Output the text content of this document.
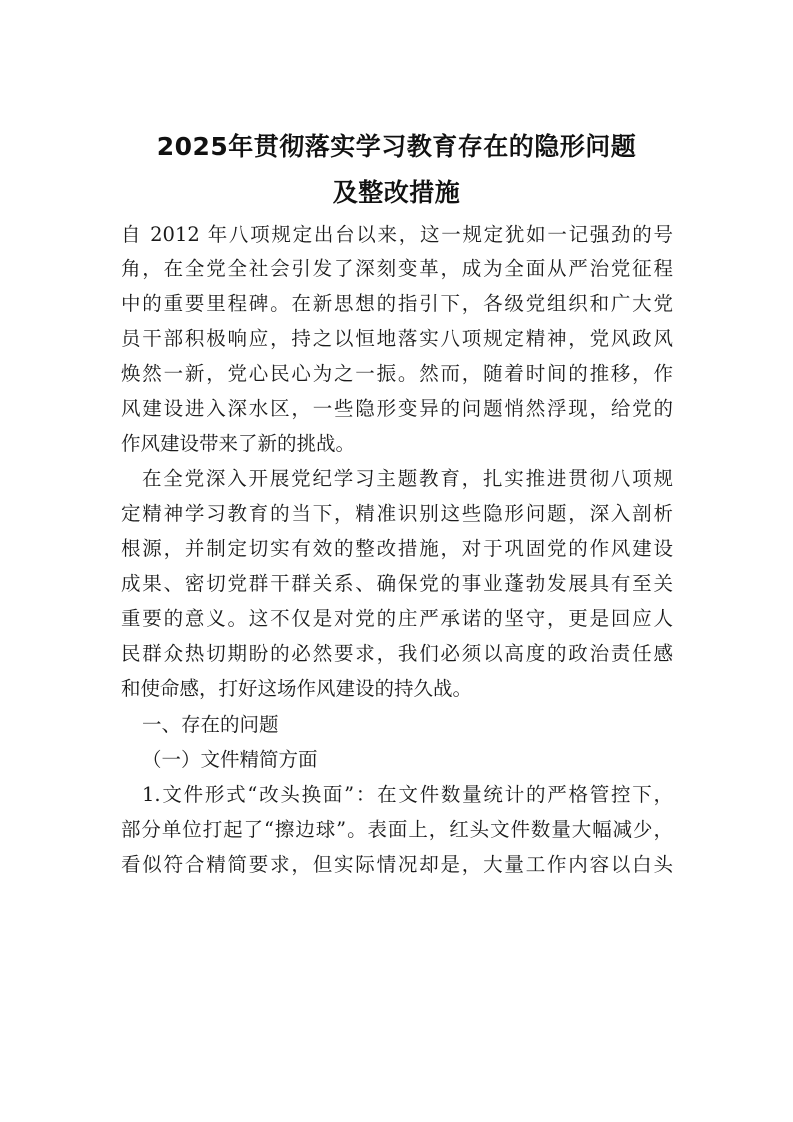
2025年贯彻落实学习教育存在的隐形问题
及整改措施
自 2012 年八项规定出台以来，这一规定犹如一记强劲的号
角，在全党全社会引发了深刻变革，成为全面从严治党征程
中的重要里程碑。在新思想的指引下，各级党组织和广大党
员干部积极响应，持之以恒地落实八项规定精神，党风政风
焕然一新，党心民心为之一振。然而，随着时间的推移，作
风建设进入深水区，一些隐形变异的问题悄然浮现，给党的
作风建设带来了新的挑战。
在全党深入开展党纪学习主题教育，扎实推进贯彻八项规
定精神学习教育的当下，精准识别这些隐形问题，深入剖析
根源，并制定切实有效的整改措施，对于巩固党的作风建设
成果、密切党群干群关系、确保党的事业蓬勃发展具有至关
重要的意义。这不仅是对党的庄严承诺的坚守，更是回应人
民群众热切期盼的必然要求，我们必须以高度的政治责任感
和使命感，打好这场作风建设的持久战。
一、存在的问题
（一）文件精简方面
1.文件形式“改头换面”：在文件数量统计的严格管控下，
部分单位打起了“擦边球”。表面上，红头文件数量大幅减少，
看似符合精简要求，但实际情况却是，大量工作内容以白头
